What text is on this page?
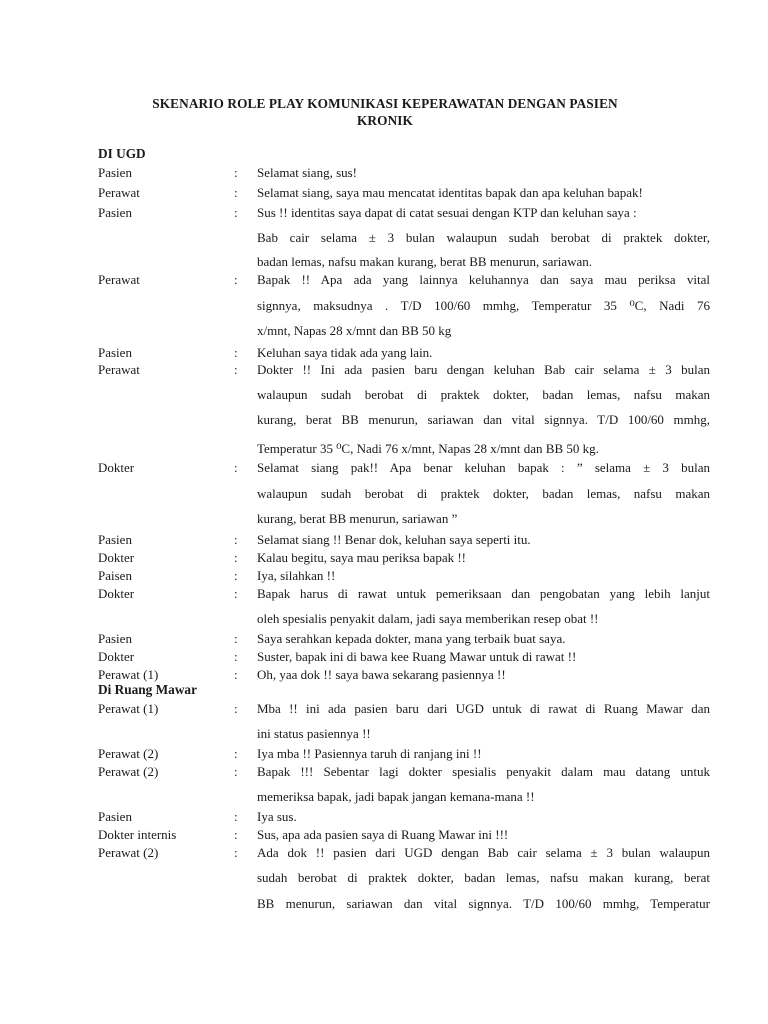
SKENARIO ROLE PLAY KOMUNIKASI KEPERAWATAN DENGAN PASIEN
KRONIK
DI UGD
Di Ruang Mawar
Pasien	: Selamat siang, sus!
Perawat	: Selamat siang, saya mau mencatat identitas bapak dan apa keluhan bapak!
Pasien	: Sus !! identitas saya dapat di catat sesuai dengan KTP dan keluhan saya :
Bab cair selama ± 3 bulan walaupun sudah berobat di praktek dokter,
badan lemas, nafsu makan kurang, berat BB menurun, sariawan.
Perawat	: Bapak !! Apa ada yang lainnya keluhannya dan saya mau periksa vital
signnya, maksudnya . T/D 100/60 mmhg, Temperatur 35 ⁰C, Nadi 76
x/mnt, Napas 28 x/mnt dan BB 50 kg
Pasien	: Keluhan saya tidak ada yang lain.
Perawat	: Dokter !! Ini ada pasien baru dengan keluhan Bab cair selama ± 3 bulan
walaupun sudah berobat di praktek dokter, badan lemas, nafsu makan
kurang, berat BB menurun, sariawan dan vital signnya. T/D 100/60 mmhg,
Temperatur 35 ⁰C, Nadi 76 x/mnt, Napas 28 x/mnt dan BB 50 kg.
Dokter	: Selamat siang pak!! Apa benar keluhan bapak : ” selama ± 3 bulan
walaupun sudah berobat di praktek dokter, badan lemas, nafsu makan
kurang, berat BB menurun, sariawan ”
Pasien	: Selamat siang !! Benar dok, keluhan saya seperti itu.
Dokter	: Kalau begitu, saya mau periksa bapak !!
Paisen	: Iya, silahkan !!
Dokter	: Bapak harus di rawat untuk pemeriksaan dan pengobatan yang lebih lanjut
oleh spesialis penyakit dalam, jadi saya memberikan resep obat !!
Pasien	: Saya serahkan kepada dokter, mana yang terbaik buat saya.
Dokter	: Suster, bapak ini di bawa kee Ruang Mawar untuk di rawat !!
Perawat (1)	: Oh, yaa dok !! saya bawa sekarang pasiennya !!
Perawat (1)	: Mba !! ini ada pasien baru dari UGD untuk di rawat di Ruang Mawar dan
ini status pasiennya !!
Perawat (2)	: Iya mba !! Pasiennya taruh di ranjang ini !!
Perawat (2)	: Bapak !!! Sebentar lagi dokter spesialis penyakit dalam mau datang untuk
memeriksa bapak, jadi bapak jangan kemana-mana !!
Pasien	: Iya sus.
Dokter internis	: Sus, apa ada pasien saya di Ruang Mawar ini !!!
Perawat (2)	: Ada dok !! pasien dari UGD dengan Bab cair selama ± 3 bulan walaupun
sudah berobat di praktek dokter, badan lemas, nafsu makan kurang, berat
BB menurun, sariawan dan vital signnya. T/D 100/60 mmhg, Temperatur
